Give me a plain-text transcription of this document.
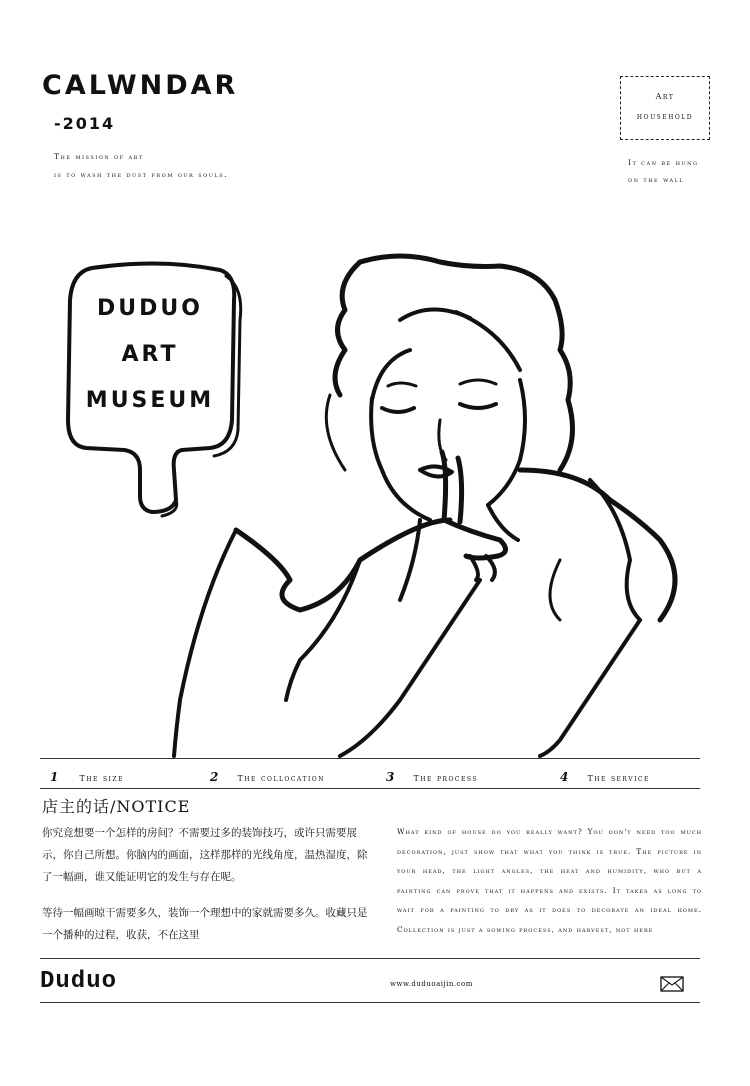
CALWNDAR
-2014
The mission of art
is to wash the dust from our souls.
Art
household
It can be hung
on the wall
DUDUO
ART
MUSEUM
1	The size	2 The collocation	3 The process	4 The service
店主的话/NOTICE
你究竟想要一个怎样的房间？不需要过多的装饰技巧，或许只需要展示，你自己所想。你脑内的画面，这样那样的光线角度，温热湿度，除了一幅画，谁又能证明它的发生与存在呢。
等待一幅画晾干需要多久，装饰一个理想中的家就需要多久。收藏只是一个播种的过程，收获，不在这里
What kind of house do you really want? You don't need too much decoration, just show that what you think is true. The picture in your head, the light angles, the heat and humidity, who but a painting can prove that it happens and exists. It takes as long to wait for a painting to dry as it does to decorate an ideal home. Collection is just a sowing process, and harvest, not here
Duduo	www.duduoaijin.com
